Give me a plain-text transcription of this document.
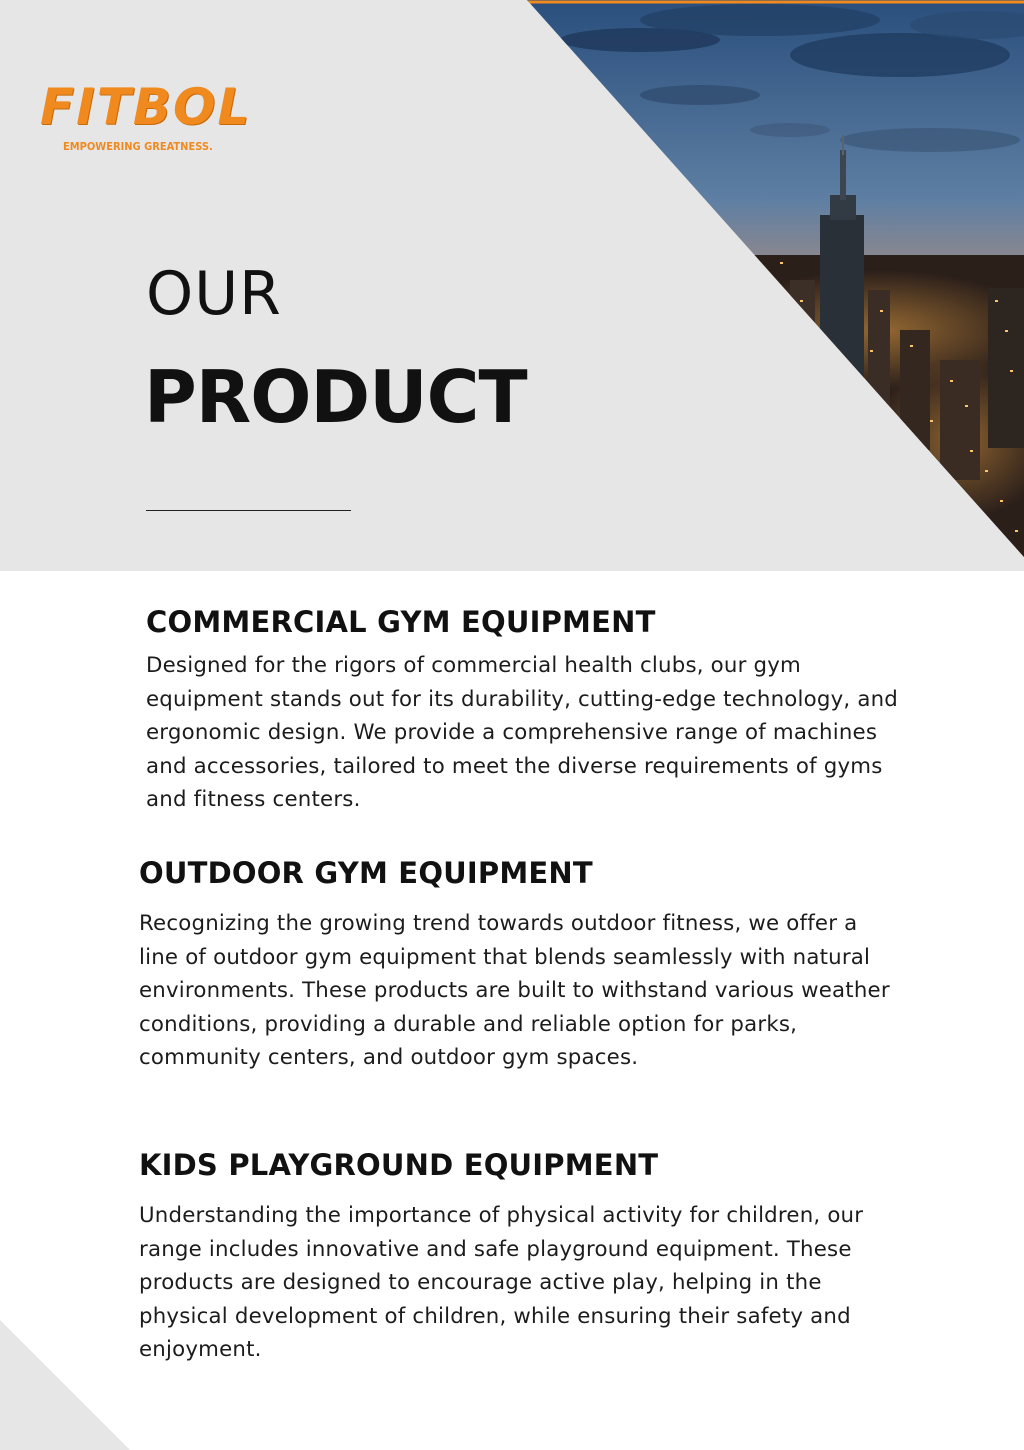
FITBOL
EMPOWERING GREATNESS.
OUR
PRODUCT
COMMERCIAL GYM EQUIPMENT

Designed for the rigors of commercial health clubs, our gym equipment stands out for its durability, cutting-edge technology, and ergonomic design. We provide a comprehensive range of machines and accessories, tailored to meet the diverse requirements of gyms and fitness centers.

OUTDOOR GYM EQUIPMENT

Recognizing the growing trend towards outdoor fitness, we offer a line of outdoor gym equipment that blends seamlessly with natural environments. These products are built to withstand various weather conditions, providing a durable and reliable option for parks, community centers, and outdoor gym spaces.

KIDS PLAYGROUND EQUIPMENT

Understanding the importance of physical activity for children, our range includes innovative and safe playground equipment. These products are designed to encourage active play, helping in the physical development of children, while ensuring their safety and enjoyment.
